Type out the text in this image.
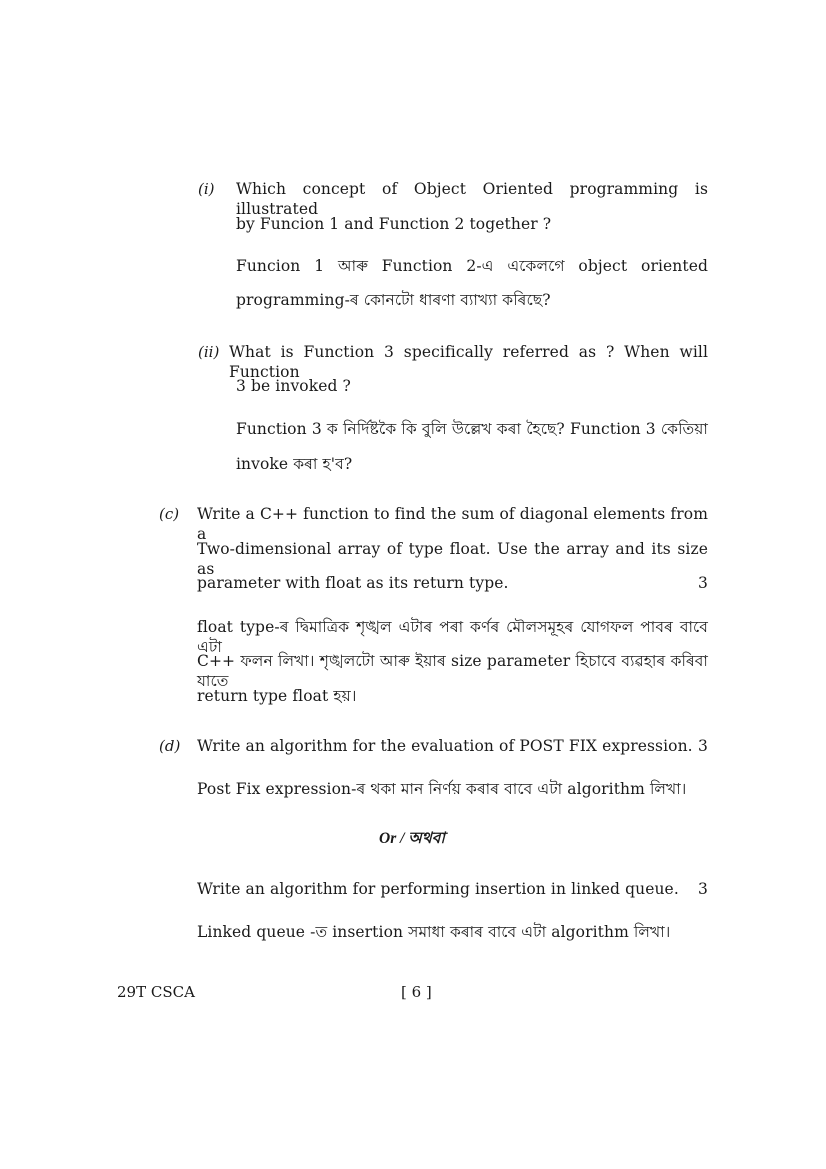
(i) Which concept of Object Oriented programming is illustrated
by Funcion 1 and Function 2 together ?
Funcion 1 আৰু Function 2-এ একেলগে object oriented
programming-ৰ কোনটো ধাৰণা ব্যাখ্যা কৰিছে?
(ii) What is Function 3 specifically referred as ? When will Function
3 be invoked ?
Function 3 ক নিৰ্দিষ্টকৈ কি বুলি উল্লেখ কৰা হৈছে? Function 3 কেতিয়া
invoke কৰা হ'ব?
(c) Write a C++ function to find the sum of diagonal elements from a
Two-dimensional array of type float. Use the array and its size as
parameter with float as its return type.	3
float type-ৰ দ্বিমাত্ৰিক শৃঙ্খল এটাৰ পৰা কৰ্ণৰ মৌলসমূহৰ যোগফল পাবৰ বাবে এটা
C++ ফলন লিখা। শৃঙ্খলটো আৰু ইয়াৰ size parameter হিচাবে ব্যৱহাৰ কৰিবা যাতে
return type float হয়।
(d) Write an algorithm for the evaluation of POST FIX expression. 3
Post Fix expression-ৰ থকা মান নিৰ্ণয় কৰাৰ বাবে এটা algorithm লিখা।
Or / অথবা
Write an algorithm for performing insertion in linked queue. 3
Linked queue -ত insertion সমাধা কৰাৰ বাবে এটা algorithm লিখা।
29T CSCA	[ 6 ]
